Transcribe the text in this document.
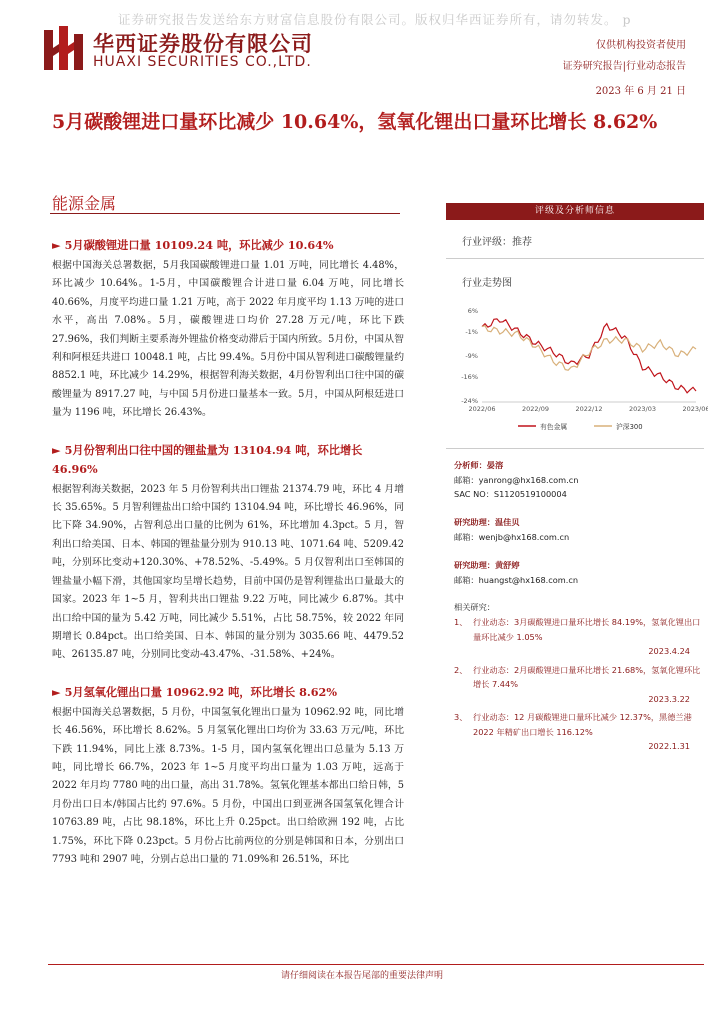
证券研究报告发送给东方财富信息股份有限公司。版权归华西证券所有，请勿转发。 p
华西证券股份有限公司
HUAXI SECURITIES CO.,LTD.
仅供机构投资者使用
证券研究报告|行业动态报告
2023 年 6 月 21 日
5月碳酸锂进口量环比减少 10.64%，氢氧化锂出口量环比增长 8.62%
能源金属
► 5月碳酸锂进口量 10109.24 吨，环比减少 10.64%
根据中国海关总署数据，5月我国碳酸锂进口量 1.01 万吨，同比增长 4.48%，环比减少 10.64%。1-5月，中国碳酸锂合计进口量 6.04 万吨，同比增长 40.66%，月度平均进口量 1.21 万吨，高于 2022 年月度平均 1.13 万吨的进口水平，高出 7.08%。5月，碳酸锂进口均价 27.28 万元/吨，环比下跌 27.96%，我们判断主要系海外锂盐价格变动滞后于国内所致。5月份，中国从智利和阿根廷共进口 10048.1 吨，占比 99.4%。5月份中国从智利进口碳酸锂量约 8852.1 吨，环比减少 14.29%，根据智利海关数据，4月份智利出口往中国的碳酸锂量为 8917.27 吨，与中国 5月份进口量基本一致。5月，中国从阿根廷进口量为 1196 吨，环比增长 26.43%。
► 5月份智利出口往中国的锂盐量为 13104.94 吨，环比增长 46.96%
根据智利海关数据，2023 年 5 月份智利共出口锂盐 21374.79 吨，环比 4 月增长 35.65%。5 月智利锂盐出口给中国约 13104.94 吨，环比增长 46.96%，同比下降 34.90%，占智利总出口量的比例为 61%，环比增加 4.3pct。5 月，智利出口给美国、日本、韩国的锂盐量分别为 910.13 吨、1071.64 吨、5209.42 吨，分别环比变动+120.30%、+78.52%、-5.49%。5 月仅智利出口至韩国的锂盐量小幅下滑，其他国家均呈增长趋势，目前中国仍是智利锂盐出口量最大的国家。2023 年 1~5 月，智利共出口锂盐 9.22 万吨，同比减少 6.87%。其中出口给中国的量为 5.42 万吨，同比减少 5.51%，占比 58.75%，较 2022 年同期增长 0.84pct。出口给美国、日本、韩国的量分别为 3035.66 吨、4479.52 吨、26135.87 吨，分别同比变动-43.47%、-31.58%、+24%。
► 5月氢氧化锂出口量 10962.92 吨，环比增长 8.62%
根据中国海关总署数据，5 月份，中国氢氧化锂出口量为 10962.92 吨，同比增长 46.56%，环比增长 8.62%。5 月氢氧化锂出口均价为 33.63 万元/吨，环比下跌 11.94%，同比上涨 8.73%。1-5 月，国内氢氧化锂出口总量为 5.13 万吨，同比增长 66.7%，2023 年 1~5 月度平均出口量为 1.03 万吨，远高于 2022 年月均 7780 吨的出口量，高出 31.78%。氢氧化锂基本都出口给日韩，5 月份出口日本/韩国占比约 97.6%。5 月份，中国出口到亚洲各国氢氧化锂合计 10763.89 吨，占比 98.18%，环比上升 0.25pct。出口给欧洲 192 吨，占比 1.75%，环比下降 0.23pct。5 月份占比前两位的分别是韩国和日本，分别出口 7793 吨和 2907 吨，分别占总出口量的 71.09%和 26.51%，环比
评级及分析师信息
行业评级：推荐
行业走势图
6%
-1%
-9%
-16%
-24%
2022/06	2022/09	2022/12	2023/03	2023/06
有色金属	沪深300
分析师：晏溶
邮箱：yanrong@hx168.com.cn
SAC NO：S1120519100004
研究助理：温佳贝
邮箱：wenjb@hx168.com.cn
研究助理：黄舒婷
邮箱：huangst@hx168.com.cn
相关研究：
1、 行业动态：3月碳酸锂进口量环比增长 84.19%，氢氧化锂出口量环比减少 1.05%
2023.4.24
2、 行业动态：2月碳酸锂进口量环比增长 21.68%，氢氧化锂环比增长 7.44%
2023.3.22
3、 行业动态：12 月碳酸锂进口量环比减少 12.37%，黑德兰港 2022 年精矿出口增长 116.12%
2022.1.31
请仔细阅读在本报告尾部的重要法律声明
